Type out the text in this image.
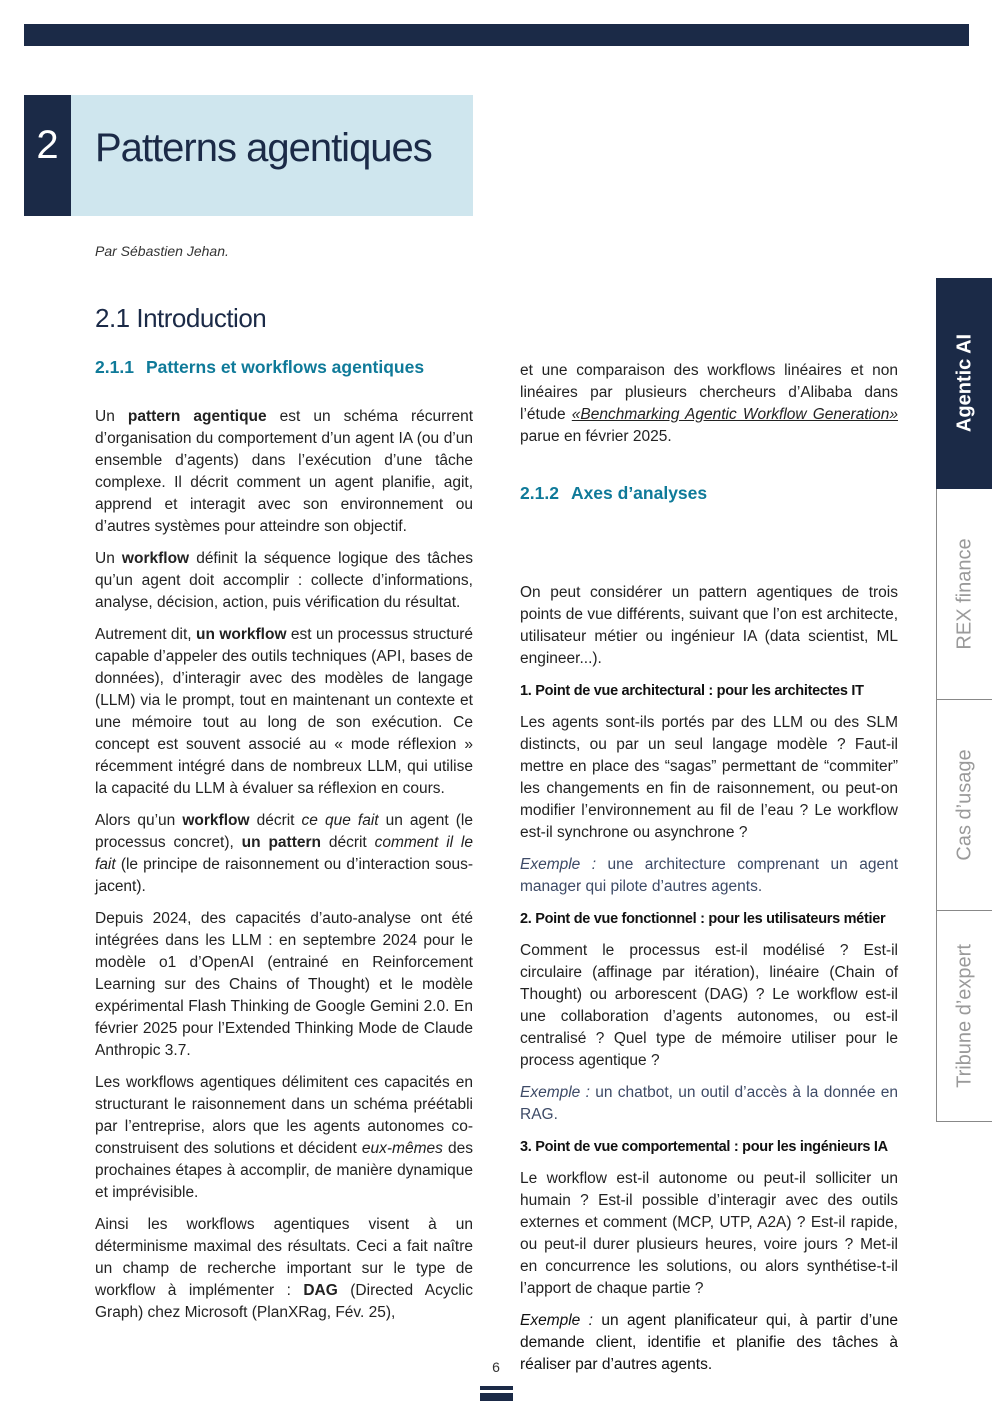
2 Patterns agentiques
Par Sébastien Jehan.
2.1 Introduction
2.1.1 Patterns et workflows agentiques

Un pattern agentique est un schéma récurrent d’organisation du comportement d’un agent IA (ou d’un ensemble d’agents) dans l’exécution d’une tâche complexe. Il décrit comment un agent planifie, agit, apprend et interagit avec son environnement ou d’autres systèmes pour atteindre son objectif.

Un workflow définit la séquence logique des tâches qu’un agent doit accomplir : collecte d’informations, analyse, décision, action, puis vérification du résultat.

Autrement dit, un workflow est un processus structuré capable d’appeler des outils techniques (API, bases de données), d’interagir avec des modèles de langage (LLM) via le prompt, tout en maintenant un contexte et une mémoire tout au long de son exécution. Ce concept est souvent associé au « mode réflexion » récemment intégré dans de nombreux LLM, qui utilise la capacité du LLM à évaluer sa réflexion en cours.

Alors qu’un workflow décrit ce que fait un agent (le processus concret), un pattern décrit comment il le fait (le principe de raisonnement ou d’interaction sous-jacent).

Depuis 2024, des capacités d’auto-analyse ont été intégrées dans les LLM : en septembre 2024 pour le modèle o1 d’OpenAI (entrainé en Reinforcement Learning sur des Chains of Thought) et le modèle expérimental Flash Thinking de Google Gemini 2.0. En février 2025 pour l’Extended Thinking Mode de Claude Anthropic 3.7.

Les workflows agentiques délimitent ces capacités en structurant le raisonnement dans un schéma préétabli par l’entreprise, alors que les agents autonomes co-construisent des solutions et décident eux-mêmes des prochaines étapes à accomplir, de manière dynamique et imprévisible.

Ainsi les workflows agentiques visent à un déterminisme maximal des résultats. Ceci a fait naître un champ de recherche important sur le type de workflow à implémenter : DAG (Directed Acyclic Graph) chez Microsoft (PlanXRag, Fév. 25),

et une comparaison des workflows linéaires et non linéaires par plusieurs chercheurs d’Alibaba dans l’étude «Benchmarking Agentic Workflow Generation» parue en février 2025.

On peut considérer un pattern agentiques de trois points de vue différents, suivant que l’on est architecte, utilisateur métier ou ingénieur IA (data scientist, ML engineer...).

1. Point de vue architectural : pour les architectes IT

Les agents sont-ils portés par des LLM ou des SLM distincts, ou par un seul langage modèle ? Faut-il mettre en place des “sagas” permettant de “commiter” les changements en fin de raisonnement, ou peut-on modifier l’environnement au fil de l’eau ? Le workflow est-il synchrone ou asynchrone ?

Exemple : une architecture comprenant un agent manager qui pilote d’autres agents.

2. Point de vue fonctionnel : pour les utilisateurs métier

Comment le processus est-il modélisé ? Est-il circulaire (affinage par itération), linéaire (Chain of Thought) ou arborescent (DAG) ? Le workflow est-il une collaboration d’agents autonomes, ou est-il centralisé ? Quel type de mémoire utiliser pour le process agentique ?

Exemple : un chatbot, un outil d’accès à la donnée en RAG.

3. Point de vue comportemental : pour les ingénieurs IA

Le workflow est-il autonome ou peut-il solliciter un humain ? Est-il possible d’interagir avec des outils externes et comment (MCP, UTP, A2A) ? Est-il rapide, ou peut-il durer plusieurs heures, voire jours ? Met-il en concurrence les solutions, ou alors synthétise-t-il l’apport de chaque partie ?

Exemple : un agent planificateur qui, à partir d’une demande client, identifie et planifie des tâches à réaliser par d’autres agents.

2.1.2 Axes d’analyses
Agentic AI
REX finance
Cas d’usage
Tribune d’expert
6
